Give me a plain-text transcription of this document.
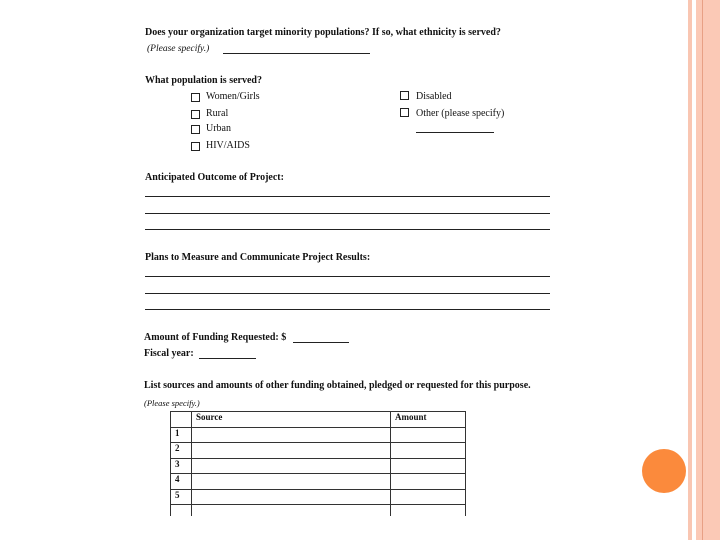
Does your organization target minority populations? If so, what ethnicity is served?
(Please specify.)
What population is served?
Women/Girls
Rural
Urban
HIV/AIDS
Disabled
Other (please specify)
Anticipated Outcome of Project:
Plans to Measure and Communicate Project Results:
Amount of Funding Requested: $
Fiscal year:
List sources and amounts of other funding obtained, pledged or requested for this purpose.
(Please specify.)
	Source	Amount
1		
2		
3		
4		
5		
